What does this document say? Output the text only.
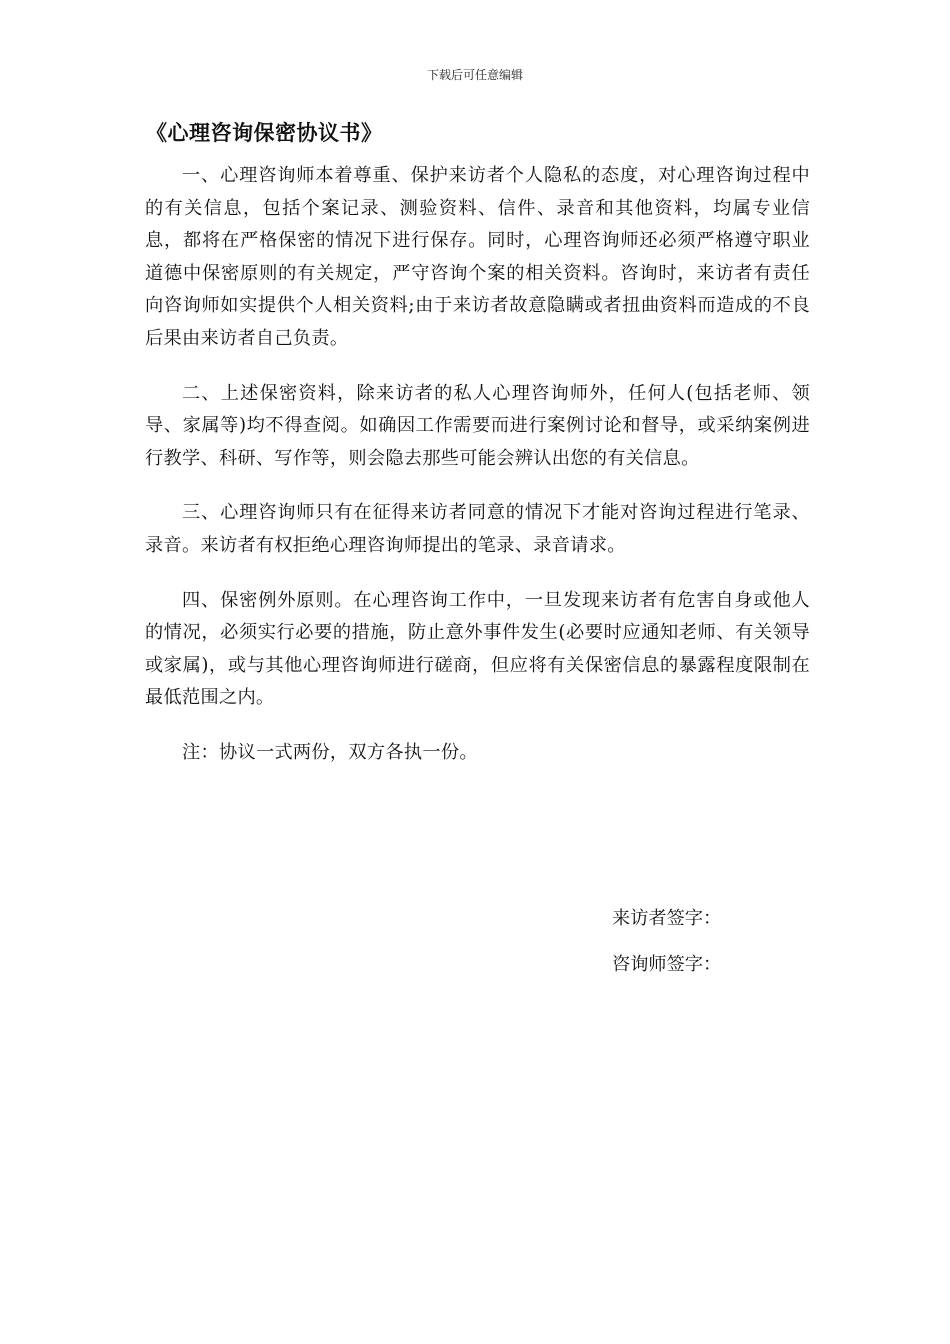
下载后可任意编辑
《心理咨询保密协议书》

一、心理咨询师本着尊重、保护来访者个人隐私的态度，对心理咨询过程中的有关信息，包括个案记录、测验资料、信件、录音和其他资料，均属专业信息，都将在严格保密的情况下进行保存。同时，心理咨询师还必须严格遵守职业道德中保密原则的有关规定，严守咨询个案的相关资料。咨询时，来访者有责任向咨询师如实提供个人相关资料;由于来访者故意隐瞒或者扭曲资料而造成的不良后果由来访者自己负责。

二、上述保密资料，除来访者的私人心理咨询师外，任何人(包括老师、领导、家属等)均不得查阅。如确因工作需要而进行案例讨论和督导，或采纳案例进行教学、科研、写作等，则会隐去那些可能会辨认出您的有关信息。

三、心理咨询师只有在征得来访者同意的情况下才能对咨询过程进行笔录、录音。来访者有权拒绝心理咨询师提出的笔录、录音请求。

四、保密例外原则。在心理咨询工作中，一旦发现来访者有危害自身或他人的情况，必须实行必要的措施，防止意外事件发生(必要时应通知老师、有关领导或家属)，或与其他心理咨询师进行磋商，但应将有关保密信息的暴露程度限制在最低范围之内。

注：协议一式两份，双方各执一份。

来访者签字：
咨询师签字：
